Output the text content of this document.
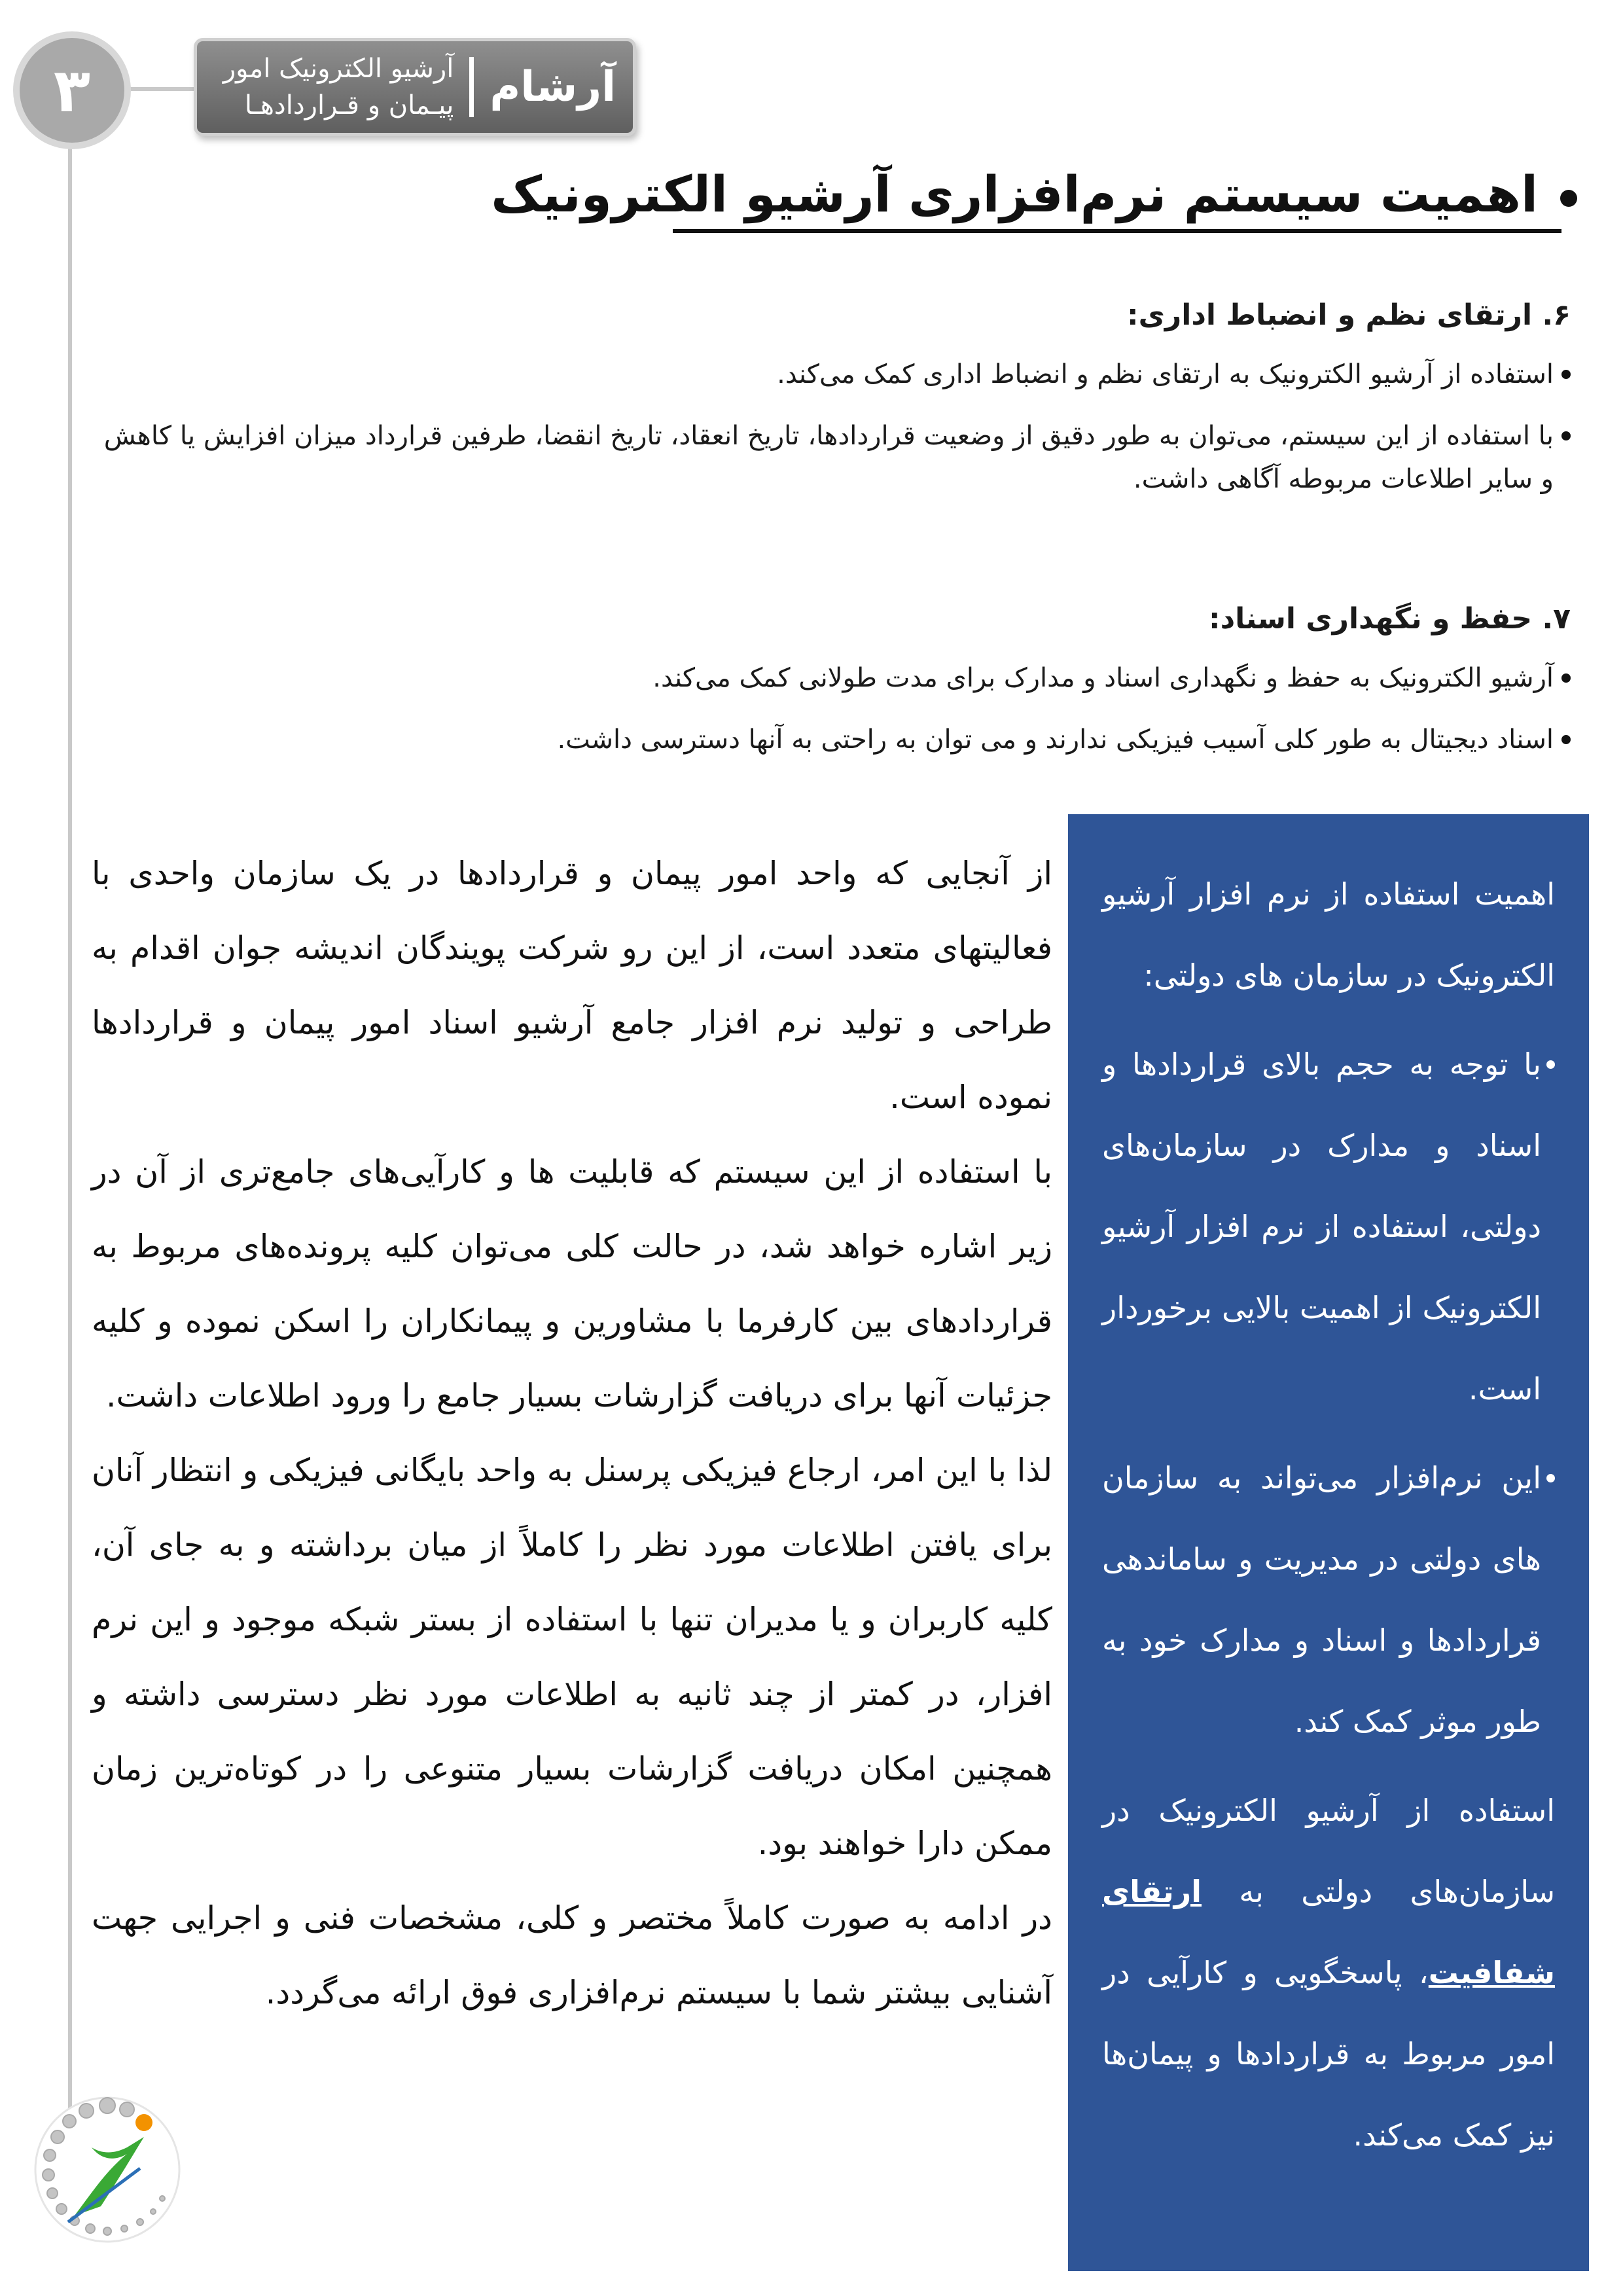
۳	آرشام
آرشیو الکترونیک امور
پیـمان و قـراردادهـا
اهمیت سیستم نرم‌افزاری آرشیو الکترونیک
۶. ارتقای نظم و انضباط اداری:
استفاده از آرشیو الکترونیک به ارتقای نظم و انضباط اداری کمک می‌کند.
با استفاده از این سیستم، می‌توان به طور دقیق از وضعیت قراردادها، تاریخ انعقاد، تاریخ انقضا، طرفین قرارداد میزان افزایش یا کاهش و سایر اطلاعات مربوطه آگاهی داشت.
۷. حفظ و نگهداری اسناد:
آرشیو الکترونیک به حفظ و نگهداری اسناد و مدارک برای مدت طولانی کمک می‌کند.
اسناد دیجیتال به طور کلی آسیب فیزیکی ندارند و می توان به راحتی به آنها دسترسی داشت.
اهمیت استفاده از نرم افزار آرشیو الکترونیک در سازمان های دولتی:
با توجه به حجم بالای قراردادها و اسناد و مدارک در سازمان‌های دولتی، استفاده از نرم افزار آرشیو الکترونیک از اهمیت بالایی برخوردار است.
این نرم‌افزار می‌تواند به سازمان های دولتی در مدیریت و ساماندهی قراردادها و اسناد و مدارک خود به طور موثر کمک کند.
استفاده از آرشیو الکترونیک در سازمان‌های دولتی به ارتقای شفافیت، پاسخگویی و کارآیی در امور مربوط به قراردادها و پیمان‌ها نیز کمک می‌کند.

از آنجایی که واحد امور پیمان و قراردادها در یک سازمان واحدی با فعالیتهای متعدد است، از این رو شرکت پویندگان اندیشه جوان اقدام به طراحی و تولید نرم افزار جامع آرشیو اسناد امور پیمان و قراردادها نموده است.

با استفاده از این سیستم که قابلیت ها و کارآیی‌های جامع‌تری از آن در زیر اشاره خواهد شد، در حالت کلی می‌توان کلیه پرونده‌های مربوط به قراردادهای بین کارفرما با مشاورین و پیمانکاران را اسکن نموده و کلیه جزئیات آنها برای دریافت گزارشات بسیار جامع را ورود اطلاعات داشت.

لذا با این امر، ارجاع فیزیکی پرسنل به واحد بایگانی فیزیکی و انتظار آنان برای یافتن اطلاعات مورد نظر را کاملاً از میان برداشته و به جای آن، کلیه کاربران و یا مدیران تنها با استفاده از بستر شبکه موجود و این نرم افزار، در کمتر از چند ثانیه به اطلاعات مورد نظر دسترسی داشته و همچنین امکان دریافت گزارشات بسیار متنوعی را در کوتاه‌ترین زمان ممکن دارا خواهند بود.

در ادامه به صورت کاملاً مختصر و کلی، مشخصات فنی و اجرایی جهت آشنایی بیشتر شما با سیستم نرم‌افزاری فوق ارائه می‌گردد.
